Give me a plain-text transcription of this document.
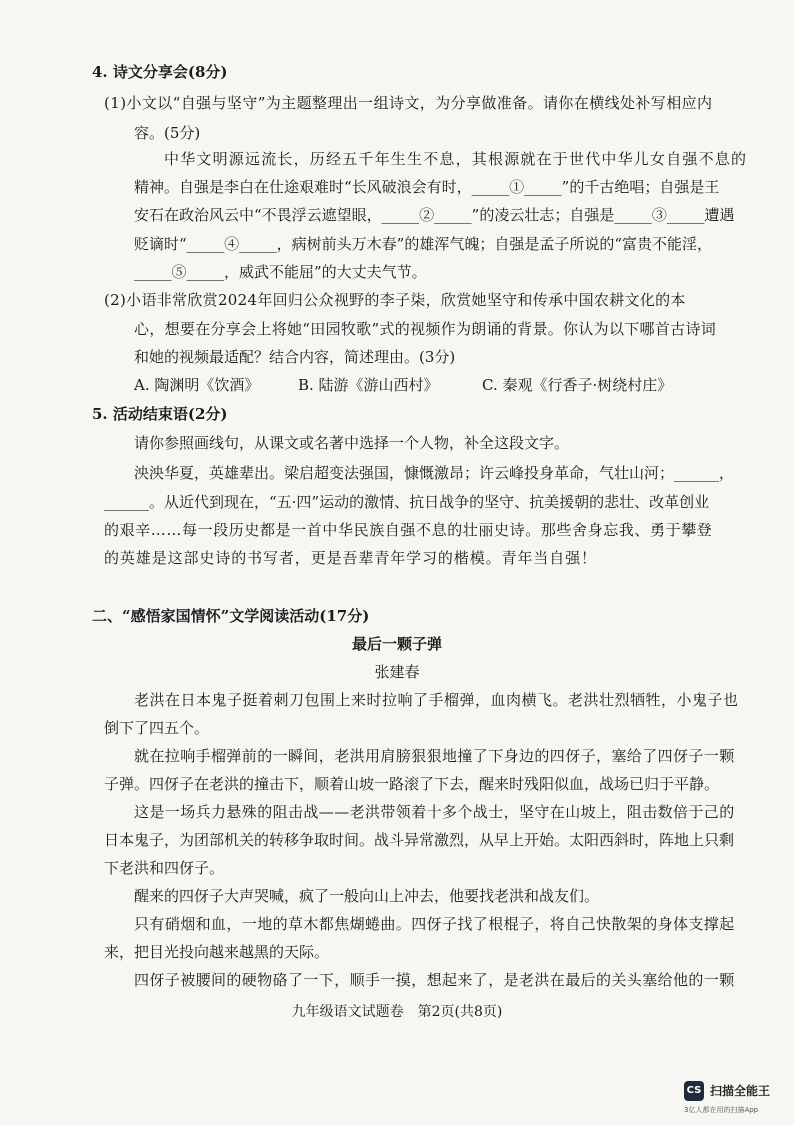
4. 诗文分享会(8分)
(1)小文以“自强与坚守”为主题整理出一组诗文，为分享做准备。请你在横线处补写相应内
容。(5分)
中华文明源远流长，历经五千年生生不息，其根源就在于世代中华儿女自强不息的
精神。自强是李白在仕途艰难时“长风破浪会有时，_____①_____”的千古绝唱；自强是王
安石在政治风云中“不畏浮云遮望眼，_____②_____”的凌云壮志；自强是_____③_____遭遇
贬谪时“_____④_____，病树前头万木春”的雄浑气魄；自强是孟子所说的“富贵不能淫，
_____⑤_____，威武不能屈”的大丈夫气节。
(2)小语非常欣赏2024年回归公众视野的李子柒，欣赏她坚守和传承中国农耕文化的本
心，想要在分享会上将她“田园牧歌”式的视频作为朗诵的背景。你认为以下哪首古诗词
和她的视频最适配？结合内容，简述理由。(3分)
A. 陶渊明《饮酒》	B. 陆游《游山西村》	C. 秦观《行香子·树绕村庄》
5. 活动结束语(2分)
请你参照画线句，从课文或名著中选择一个人物，补全这段文字。
泱泱华夏，英雄辈出。梁启超变法强国，慷慨激昂；许云峰投身革命，气壮山河；______，
______。从近代到现在，“五·四”运动的激情、抗日战争的坚守、抗美援朝的悲壮、改革创业
的艰辛……每一段历史都是一首中华民族自强不息的壮丽史诗。那些舍身忘我、勇于攀登
的英雄是这部史诗的书写者，更是吾辈青年学习的楷模。青年当自强！
二、“感悟家国情怀”文学阅读活动(17分)
最后一颗子弹
张建春
老洪在日本鬼子挺着刺刀包围上来时拉响了手榴弹，血肉横飞。老洪壮烈牺牲，小鬼子也
倒下了四五个。
就在拉响手榴弹前的一瞬间，老洪用肩膀狠狠地撞了下身边的四伢子，塞给了四伢子一颗
子弹。四伢子在老洪的撞击下，顺着山坡一路滚了下去，醒来时残阳似血，战场已归于平静。
这是一场兵力悬殊的阻击战——老洪带领着十多个战士，坚守在山坡上，阻击数倍于己的
日本鬼子，为团部机关的转移争取时间。战斗异常激烈，从早上开始。太阳西斜时，阵地上只剩
下老洪和四伢子。
醒来的四伢子大声哭喊，疯了一般向山上冲去，他要找老洪和战友们。
只有硝烟和血，一地的草木都焦煳蜷曲。四伢子找了根棍子，将自己快散架的身体支撑起
来，把目光投向越来越黑的天际。
四伢子被腰间的硬物硌了一下，顺手一摸，想起来了，是老洪在最后的关头塞给他的一颗
九年级语文试题卷　第2页(共8页)
CS 扫描全能王
3亿人都在用的扫描App
